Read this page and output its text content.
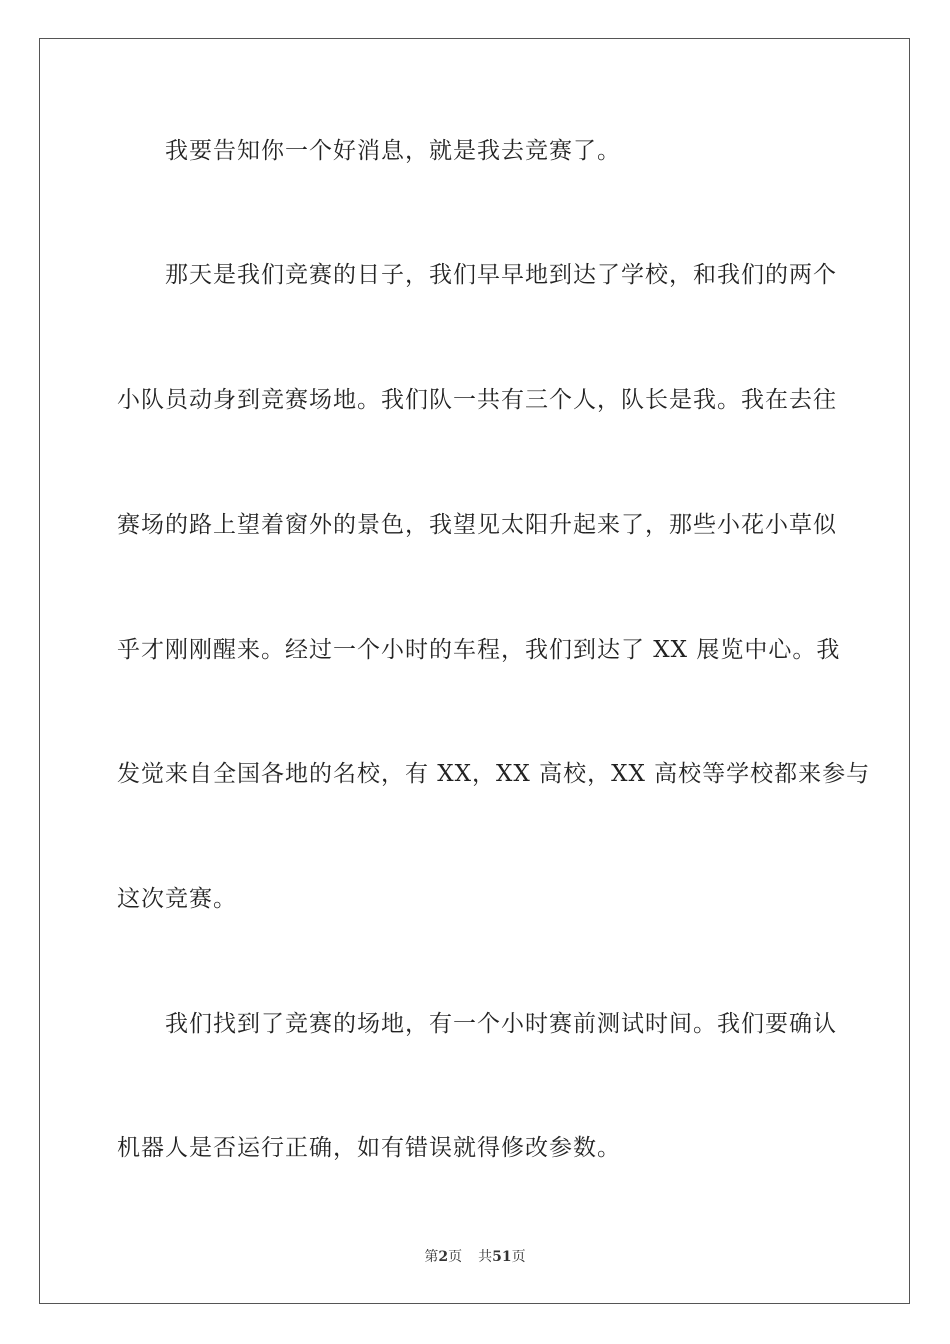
我要告知你一个好消息，就是我去竞赛了。
那天是我们竞赛的日子，我们早早地到达了学校，和我们的两个
小队员动身到竞赛场地。我们队一共有三个人，队长是我。我在去往
赛场的路上望着窗外的景色，我望见太阳升起来了，那些小花小草似
乎才刚刚醒来。经过一个小时的车程，我们到达了 XX 展览中心。我
发觉来自全国各地的名校，有 XX，XX 高校，XX 高校等学校都来参与
这次竞赛。
我们找到了竞赛的场地，有一个小时赛前测试时间。我们要确认
机器人是否运行正确，如有错误就得修改参数。
第2页 共51页
